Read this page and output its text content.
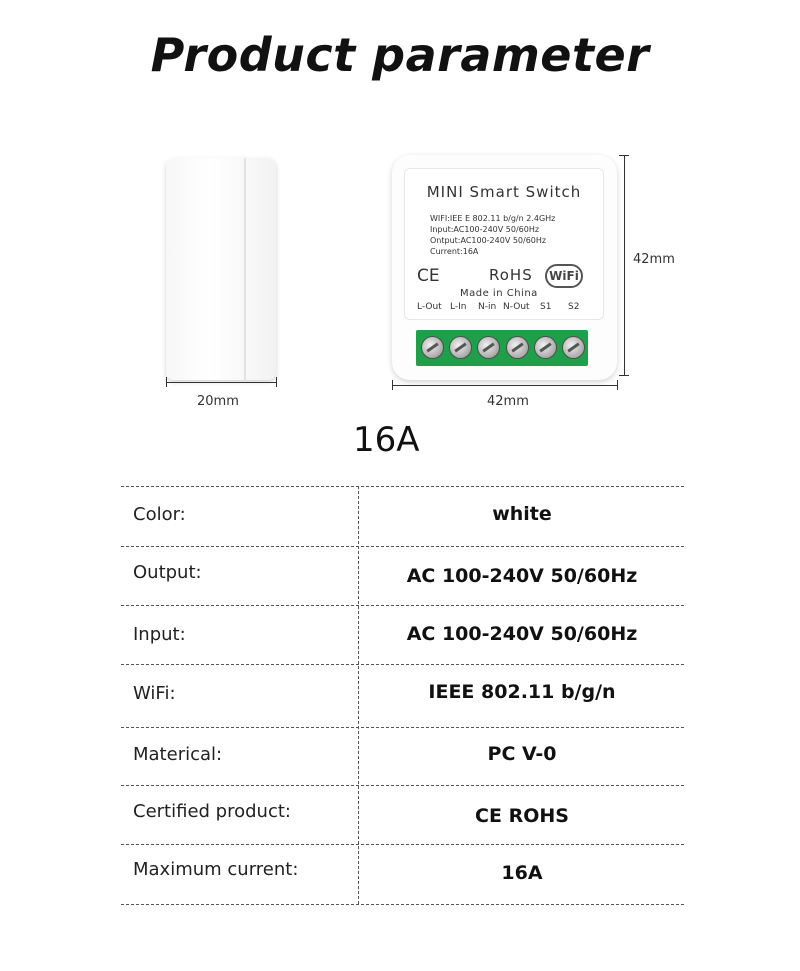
Product parameter
20mm
MINI Smart Switch
WIFI:IEE E 802.11 b/g/n 2.4GHz
Input:AC100-240V 50/60Hz
Ontput:AC100-240V 50/60Hz
Current:16A
CE	RoHS	WiFi
Made in China
L-Out L-In N-in N-Out S1 S2
42mm
42mm
16A
Color:	white
Output:	AC 100-240V 50/60Hz
Input:	AC 100-240V 50/60Hz
WiFi:	IEEE 802.11 b/g/n
Materical:	PC V-0
Certified product:	CE ROHS
Maximum current:	16A
